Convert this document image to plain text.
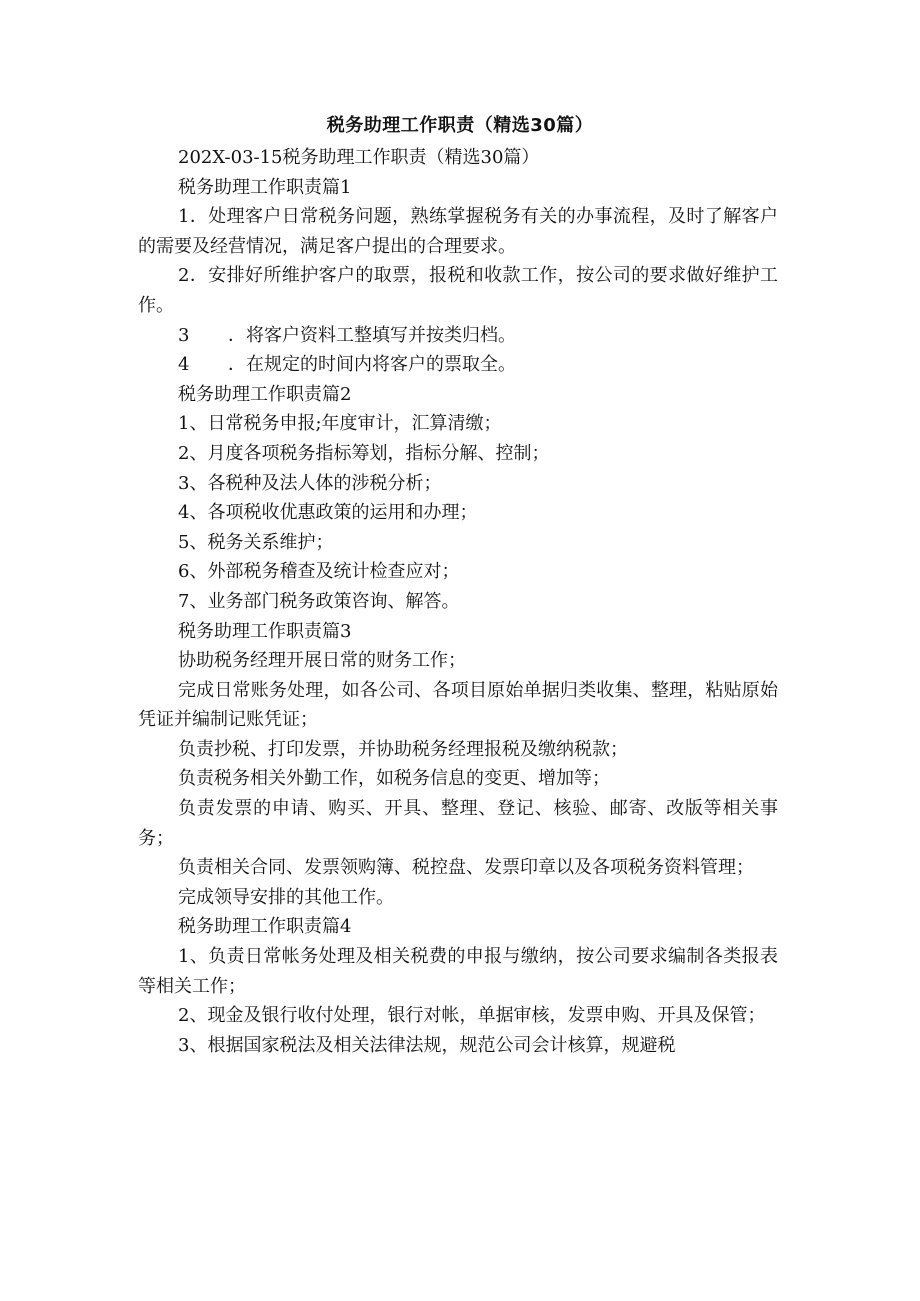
税务助理工作职责（精选30篇）

202X-03-15税务助理工作职责（精选30篇）

税务助理工作职责篇1

1．处理客户日常税务问题，熟练掌握税务有关的办事流程，及时了解客户的需要及经营情况，满足客户提出的合理要求。

2．安排好所维护客户的取票，报税和收款工作，按公司的要求做好维护工作。

3	．将客户资料工整填写并按类归档。
4	．在规定的时间内将客户的票取全。

税务助理工作职责篇2

1、日常税务申报;年度审计，汇算清缴；

2、月度各项税务指标筹划，指标分解、控制；

3、各税种及法人体的涉税分析；

4、各项税收优惠政策的运用和办理；

5、税务关系维护；

6、外部税务稽查及统计检查应对；

7、业务部门税务政策咨询、解答。

税务助理工作职责篇3

协助税务经理开展日常的财务工作；

完成日常账务处理，如各公司、各项目原始单据归类收集、整理，粘贴原始凭证并编制记账凭证；

负责抄税、打印发票，并协助税务经理报税及缴纳税款；

负责税务相关外勤工作，如税务信息的变更、增加等；

负责发票的申请、购买、开具、整理、登记、核验、邮寄、改版等相关事务；

负责相关合同、发票领购簿、税控盘、发票印章以及各项税务资料管理；

完成领导安排的其他工作。

税务助理工作职责篇4

1、负责日常帐务处理及相关税费的申报与缴纳，按公司要求编制各类报表等相关工作；

2、现金及银行收付处理，银行对帐，单据审核，发票申购、开具及保管；

3、根据国家税法及相关法律法规，规范公司会计核算，规避税
